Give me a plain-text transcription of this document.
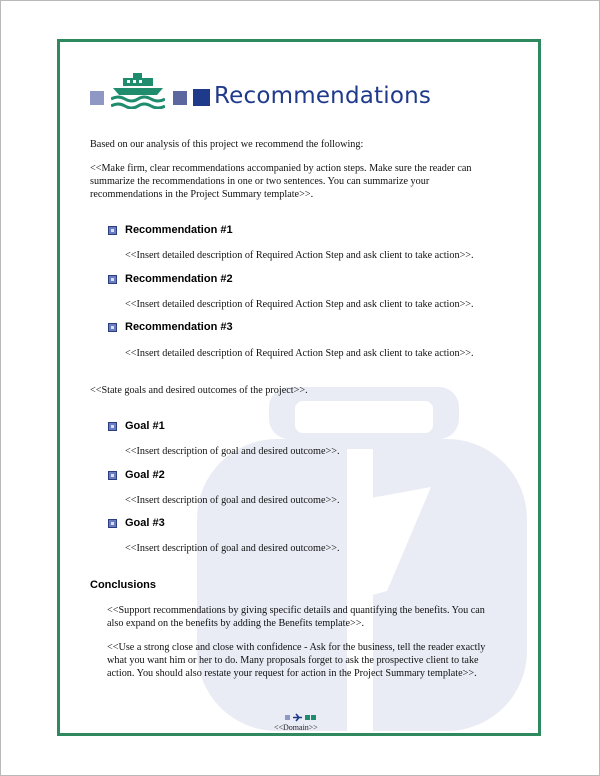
Recommendations
Based on our analysis of this project we recommend the following:
<<Make firm, clear recommendations accompanied by action steps. Make sure the reader can
summarize the recommendations in one or two sentences. You can summarize your
recommendations in the Project Summary template>>.
Recommendation #1
<<Insert detailed description of Required Action Step and ask client to take action>>.
Recommendation #2
<<Insert detailed description of Required Action Step and ask client to take action>>.
Recommendation #3
<<Insert detailed description of Required Action Step and ask client to take action>>.
<<State goals and desired outcomes of the project>>.
Goal #1
<<Insert description of goal and desired outcome>>.
Goal #2
<<Insert description of goal and desired outcome>>.
Goal #3
<<Insert description of goal and desired outcome>>.
Conclusions
<<Support recommendations by giving specific details and quantifying the benefits. You can
also expand on the benefits by adding the Benefits template>>.
<<Use a strong close and close with confidence - Ask for the business, tell the reader exactly
what you want him or her to do. Many proposals forget to ask the prospective client to take
action. You should also restate your request for action in the Project Summary template>>.
<<Domain>>
